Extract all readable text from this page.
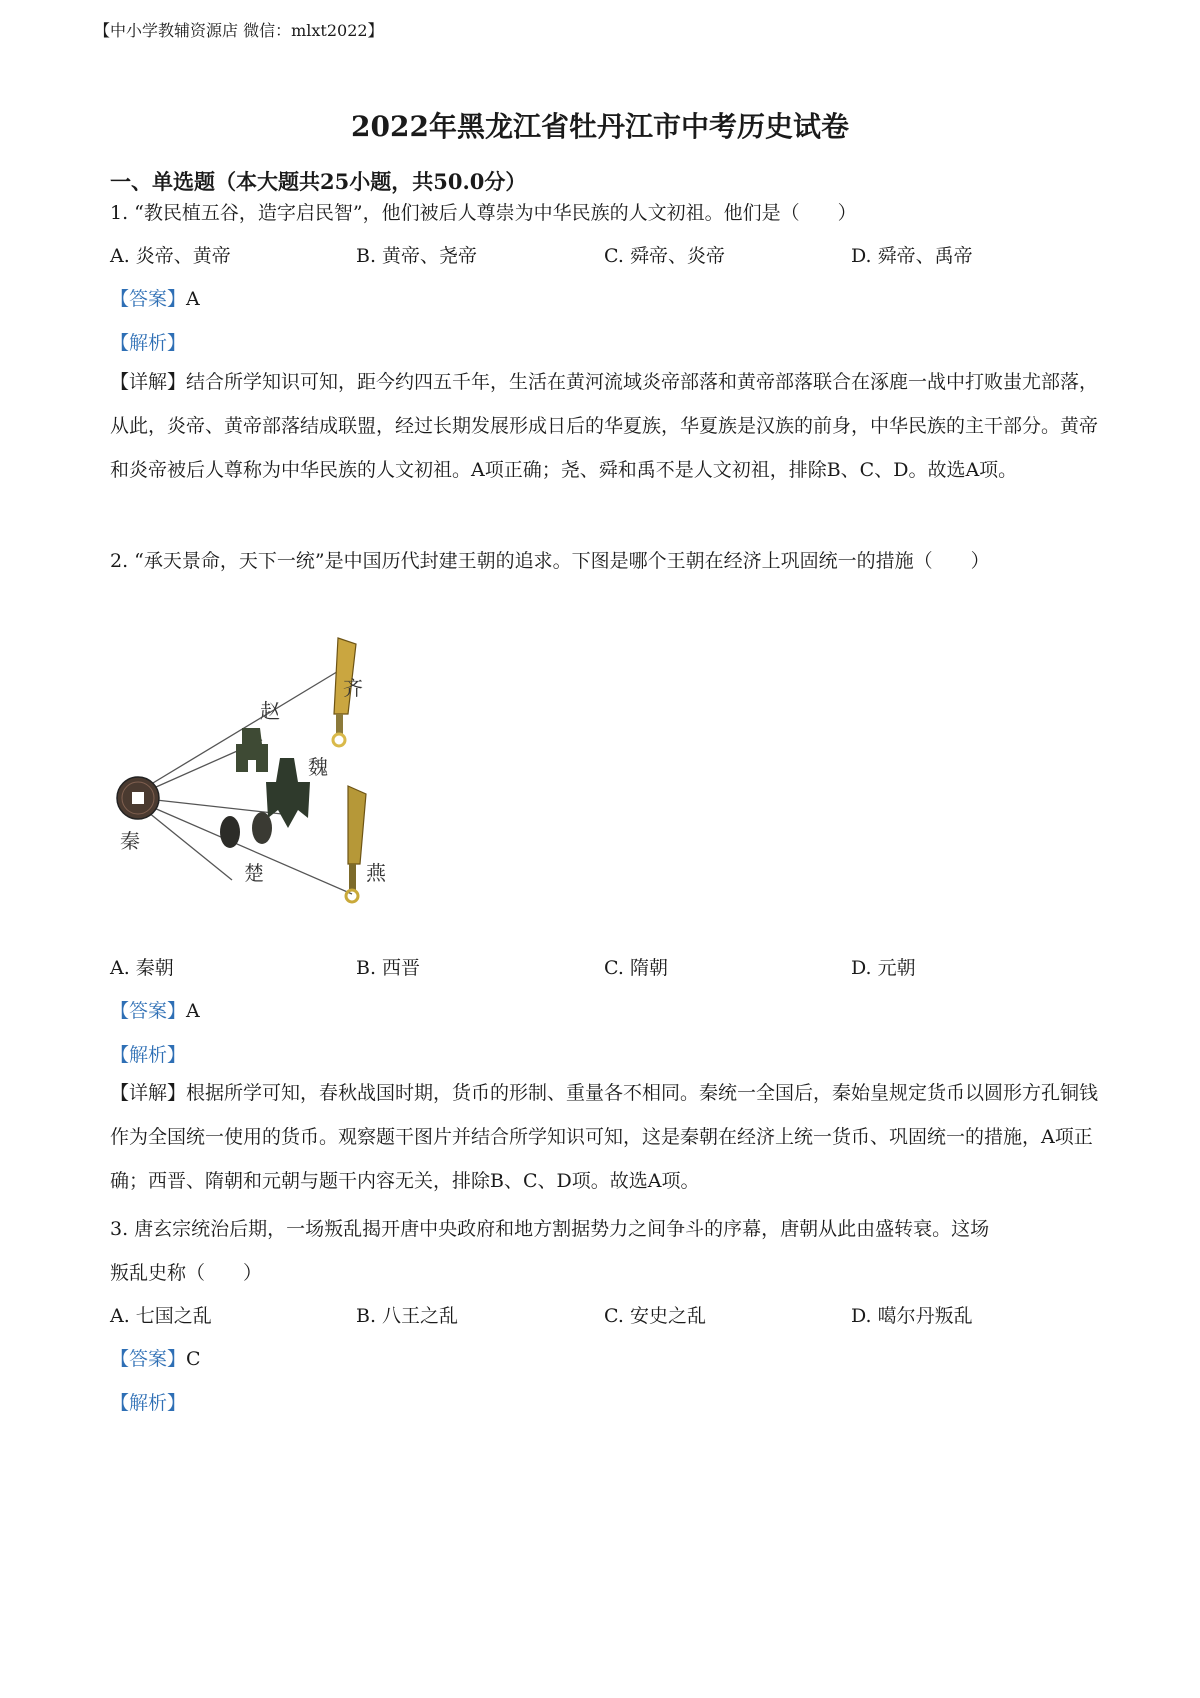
【中小学教辅资源店 微信：mlxt2022】
2022年黑龙江省牡丹江市中考历史试卷
一、单选题（本大题共25小题，共50.0分）
1. “教民植五谷，造字启民智”，他们被后人尊崇为中华民族的人文初祖。他们是（　　）
A. 炎帝、黄帝	B. 黄帝、尧帝	C. 舜帝、炎帝	D. 舜帝、禹帝
【答案】A
【解析】
【详解】结合所学知识可知，距今约四五千年，生活在黄河流域炎帝部落和黄帝部落联合在涿鹿一战中打败蚩尤部落，从此，炎帝、黄帝部落结成联盟，经过长期发展形成日后的华夏族，华夏族是汉族的前身，中华民族的主干部分。黄帝和炎帝被后人尊称为中华民族的人文初祖。A项正确；尧、舜和禹不是人文初祖，排除B、C、D。故选A项。
2. “承天景命，天下一统”是中国历代封建王朝的追求。下图是哪个王朝在经济上巩固统一的措施（　　）
齐
赵
魏
秦
楚	燕
A. 秦朝	B. 西晋	C. 隋朝	D. 元朝
【答案】A
【解析】
【详解】根据所学可知，春秋战国时期，货币的形制、重量各不相同。秦统一全国后，秦始皇规定货币以圆形方孔铜钱作为全国统一使用的货币。观察题干图片并结合所学知识可知，这是秦朝在经济上统一货币、巩固统一的措施，A项正确；西晋、隋朝和元朝与题干内容无关，排除B、C、D项。故选A项。
3. 唐玄宗统治后期，一场叛乱揭开唐中央政府和地方割据势力之间争斗的序幕，唐朝从此由盛转衰。这场
叛乱史称（　　）
A. 七国之乱	B. 八王之乱	C. 安史之乱	D. 噶尔丹叛乱
【答案】C
【解析】
